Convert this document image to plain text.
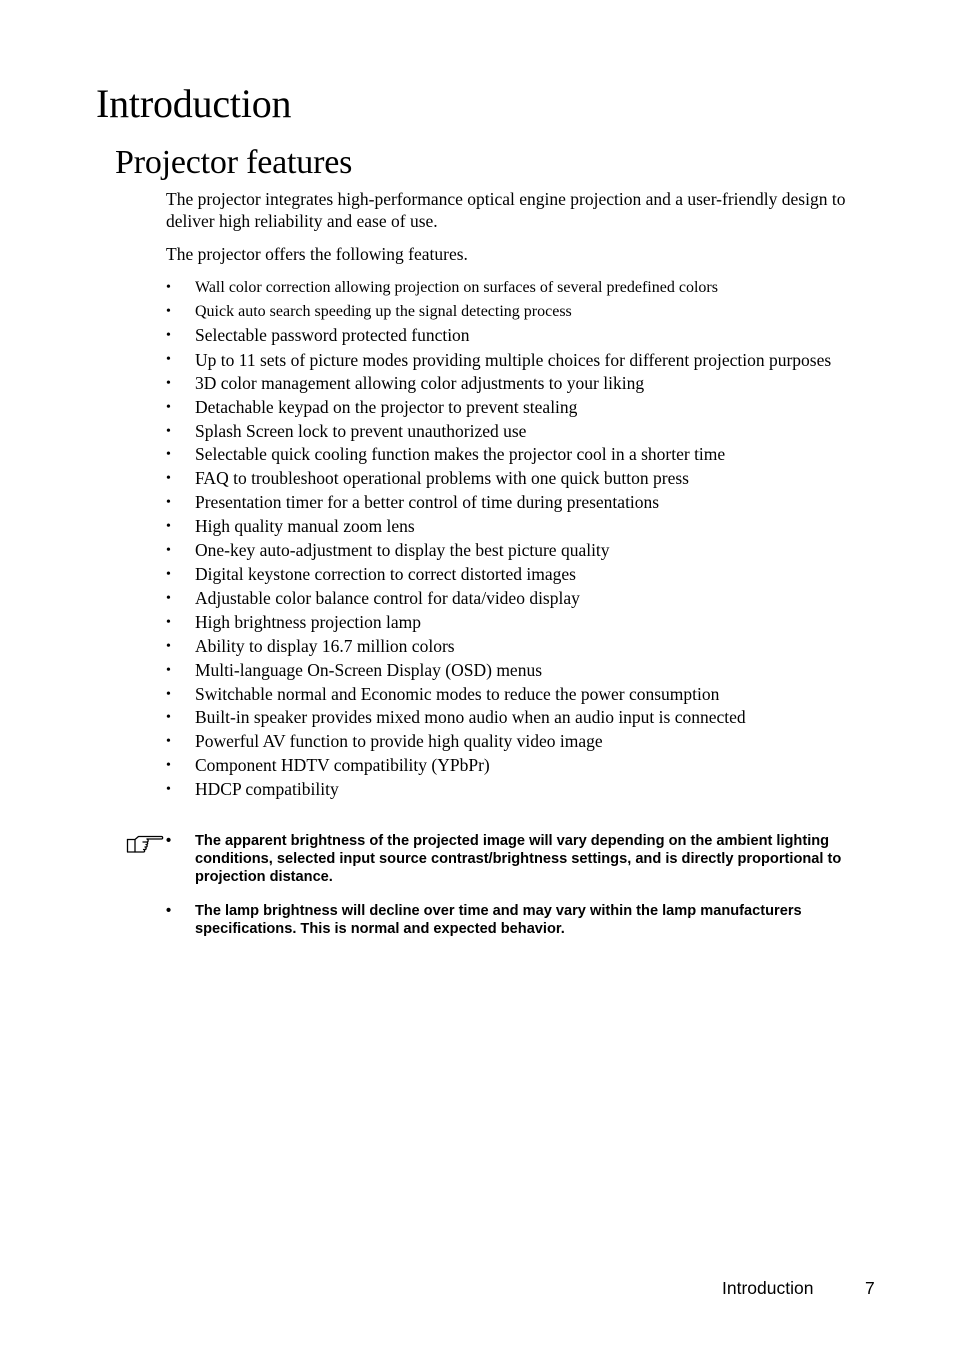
Introduction
Projector features

The projector integrates high-performance optical engine projection and a user-friendly design to deliver high reliability and ease of use.

The projector offers the following features.

• Wall color correction allowing projection on surfaces of several predefined colors
• Quick auto search speeding up the signal detecting process
• Selectable password protected function
• Up to 11 sets of picture modes providing multiple choices for different projection purposes
• 3D color management allowing color adjustments to your liking
• Detachable keypad on the projector to prevent stealing
• Splash Screen lock to prevent unauthorized use
• Selectable quick cooling function makes the projector cool in a shorter time
• FAQ to troubleshoot operational problems with one quick button press
• Presentation timer for a better control of time during presentations
• High quality manual zoom lens
• One-key auto-adjustment to display the best picture quality
• Digital keystone correction to correct distorted images
• Adjustable color balance control for data/video display
• High brightness projection lamp
• Ability to display 16.7 million colors
• Multi-language On-Screen Display (OSD) menus
• Switchable normal and Economic modes to reduce the power consumption
• Built-in speaker provides mixed mono audio when an audio input is connected
• Powerful AV function to provide high quality video image
• Component HDTV compatibility (YPbPr)
• HDCP compatibility
• The apparent brightness of the projected image will vary depending on the ambient lighting conditions, selected input source contrast/brightness settings, and is directly proportional to projection distance.
• The lamp brightness will decline over time and may vary within the lamp manufacturers specifications. This is normal and expected behavior.
Introduction	7
